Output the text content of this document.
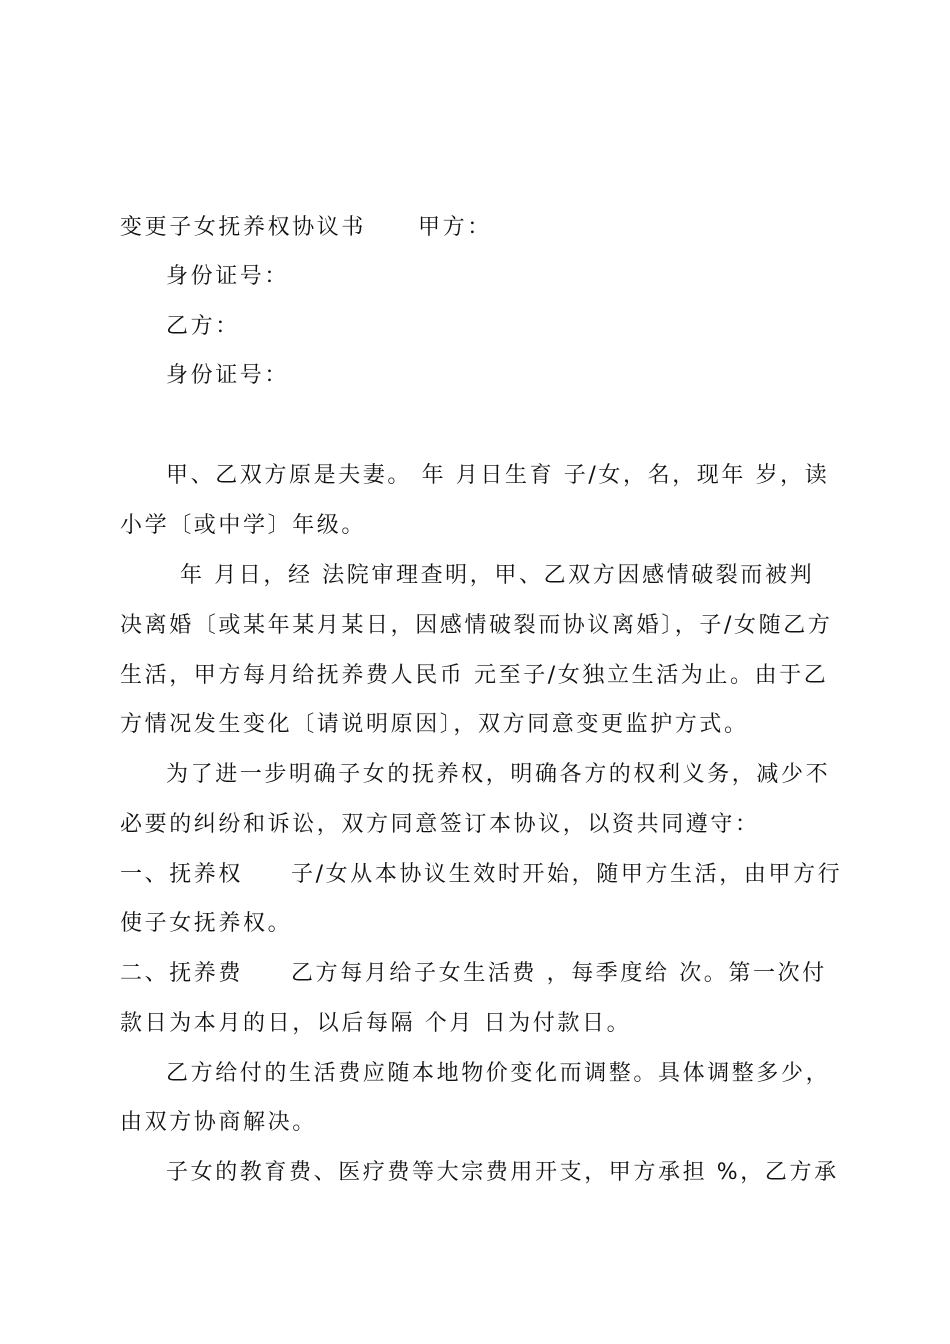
变更子女抚养权协议书 甲方：
身份证号：
乙方：
身份证号：
甲、乙双方原是夫妻。 年 月日生育 子/女，名，现年 岁，读
小学〔或中学〕年级。
年 月日，经 法院审理查明，甲、乙双方因感情破裂而被判
决离婚〔或某年某月某日，因感情破裂而协议离婚〕，子/女随乙方
生活，甲方每月给抚养费人民币 元至子/女独立生活为止。由于乙
方情况发生变化〔请说明原因〕，双方同意变更监护方式。
为了进一步明确子女的抚养权，明确各方的权利义务，减少不
必要的纠纷和诉讼，双方同意签订本协议，以资共同遵守：
一、抚养权 子/女从本协议生效时开始，随甲方生活，由甲方行
使子女抚养权。
二、抚养费 乙方每月给子女生活费 ，每季度给 次。第一次付
款日为本月的日，以后每隔 个月 日为付款日。
乙方给付的生活费应随本地物价变化而调整。具体调整多少，
由双方协商解决。
子女的教育费、医疗费等大宗费用开支，甲方承担 %，乙方承
